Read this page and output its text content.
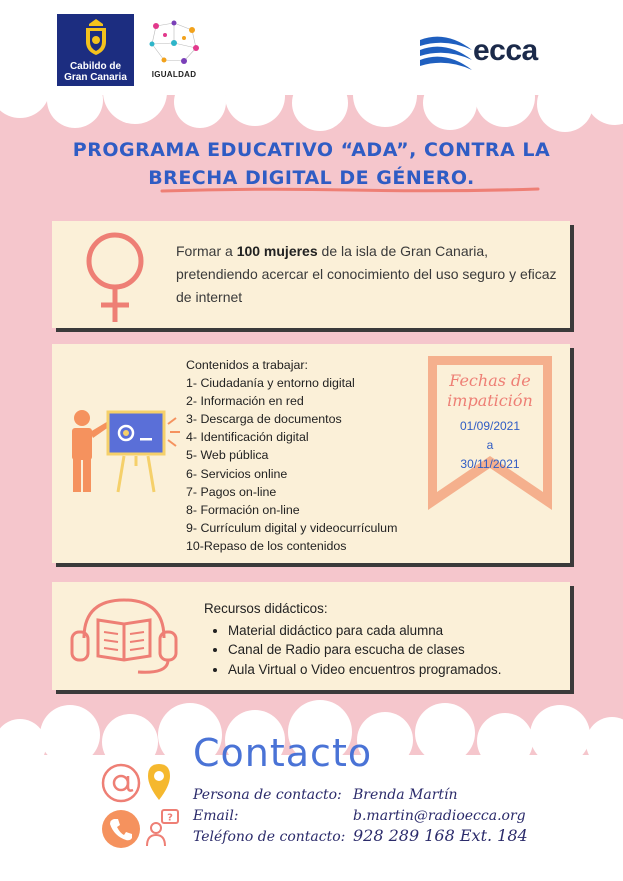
Cabildo de
Gran Canaria	IGUALDAD
ecca
PROGRAMA EDUCATIVO “ADA”, CONTRA LA
BRECHA DIGITAL DE GÉNERO.
Formar a 100 mujeres de la isla de Gran Canaria, pretendiendo acercar el conocimiento del uso seguro y eficaz de internet
Contenidos a trabajar:
1- Ciudadanía y entorno digital
2- Información en red
3- Descarga de documentos
4- Identificación digital
5- Web pública
6- Servicios online
7- Pagos on-line
8- Formación on-line
9- Currículum digital y videocurrículum
10-Repaso de los contenidos
Fechas de
impatición
01/09/2021
a
30/11/2021
Recursos didácticos:
• Material didáctico para cada alumna
• Canal de Radio para escucha de clases
• Aula Virtual o Video encuentros programados.
?
Contacto
Persona de contacto: Brenda Martín
Email:	b.martin@radioecca.org
Teléfono de contacto: 928 289 168 Ext. 184
